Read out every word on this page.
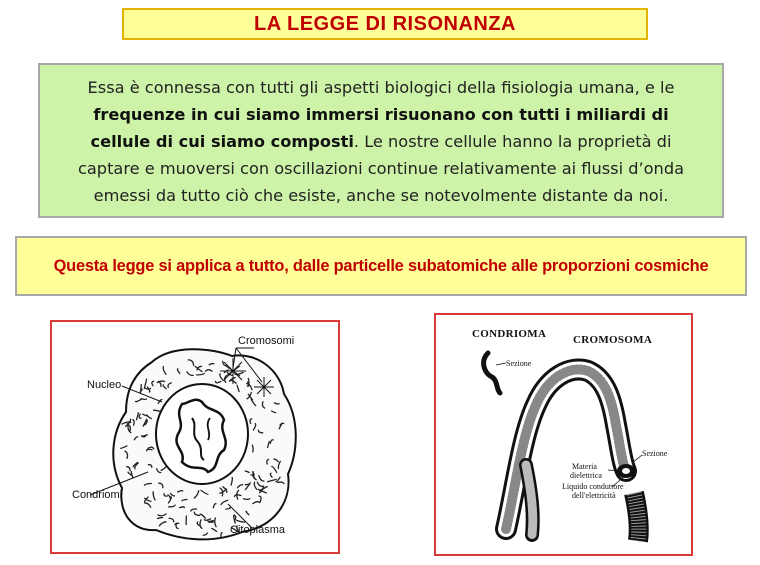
LA LEGGE DI RISONANZA
Essa è connessa con tutti gli aspetti biologici della fisiologia umana, e le frequenze in cui siamo immersi risuonano con tutti i miliardi di cellule di cui siamo composti. Le nostre cellule hanno la proprietà di captare e muoversi con oscillazioni continue relativamente ai flussi d’onda emessi da tutto ciò che esiste, anche se notevolmente distante da noi.
Questa legge si applica a tutto, dalle particelle subatomiche alle proporzioni cosmiche
Cromosomi
Nucleo
Condriomi
Citoplasma
CONDRIOMA CROMOSOMA
Sezione
Sezione
Materia
dielettrica
Liquido conduttore
dell'elettricità
